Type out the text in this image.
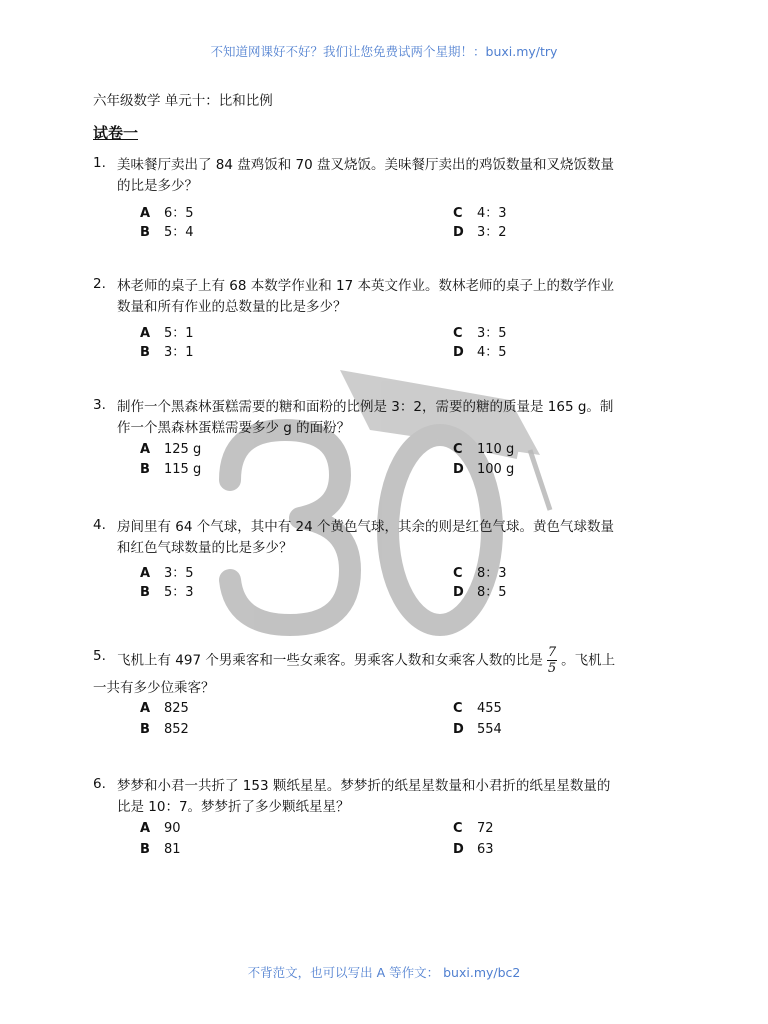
不知道网课好不好？我们让您免费试两个星期！：buxi.my/try
六年级数学 单元十：比和比例
试卷一
1. 美味餐厅卖出了 84 盘鸡饭和 70 盘叉烧饭。美味餐厅卖出的鸡饭数量和叉烧饭数量
的比是多少？
A 6：5
B 5：4
C 4：3
D 3：2
2. 林老师的桌子上有 68 本数学作业和 17 本英文作业。数林老师的桌子上的数学作业
数量和所有作业的总数量的比是多少？
A 5：1
B 3：1
C 3：5
D 4：5
3. 制作一个黑森林蛋糕需要的糖和面粉的比例是 3：2，需要的糖的质量是 165 g。制
作一个黑森林蛋糕需要多少 g 的面粉？
A 125 g
B 115 g
C 110 g
D 100 g
4. 房间里有 64 个气球，其中有 24 个黄色气球，其余的则是红色气球。黄色气球数量
和红色气球数量的比是多少？
A 3：5
B 5：3
C 8：3
D 8：5
5. 飞机上有 497 个男乘客和一些女乘客。男乘客人数和女乘客人数的比是 $\frac{7}{5}$ 。飞机上
一共有多少位乘客？
A 825
B 852
C 455
D 554
6. 梦梦和小君一共折了 153 颗纸星星。梦梦折的纸星星数量和小君折的纸星星数量的
比是 10：7。梦梦折了多少颗纸星星？
A 90
B 81
C 72
D 63
不背范文，也可以写出 A 等作文： buxi.my/bc2
